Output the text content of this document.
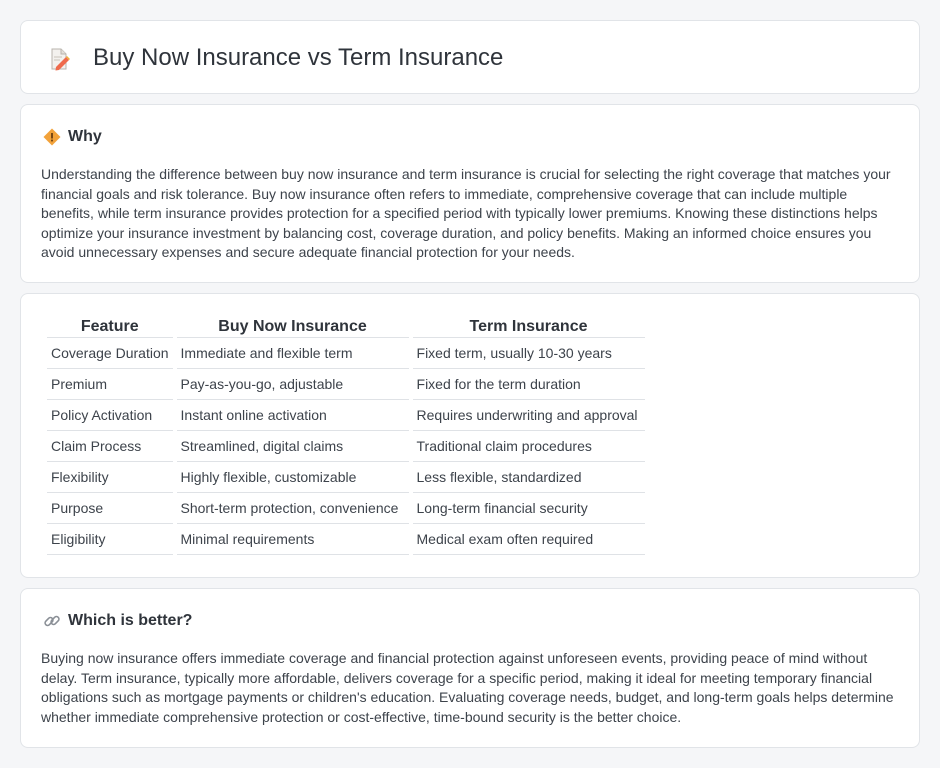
Buy Now Insurance vs Term Insurance
Why

Understanding the difference between buy now insurance and term insurance is crucial for selecting the right coverage that matches your financial goals and risk tolerance. Buy now insurance often refers to immediate, comprehensive coverage that can include multiple benefits, while term insurance provides protection for a specified period with typically lower premiums. Knowing these distinctions helps optimize your insurance investment by balancing cost, coverage duration, and policy benefits. Making an informed choice ensures you avoid unnecessary expenses and secure adequate financial protection for your needs.

Feature	Buy Now Insurance	Term Insurance
Coverage Duration	Immediate and flexible term	Fixed term, usually 10-30 years
Premium	Pay-as-you-go, adjustable	Fixed for the term duration
Policy Activation	Instant online activation	Requires underwriting and approval
Claim Process	Streamlined, digital claims	Traditional claim procedures
Flexibility	Highly flexible, customizable	Less flexible, standardized
Purpose	Short-term protection, convenience	Long-term financial security
Eligibility	Minimal requirements	Medical exam often required
Which is better?

Buying now insurance offers immediate coverage and financial protection against unforeseen events, providing peace of mind without delay. Term insurance, typically more affordable, delivers coverage for a specific period, making it ideal for meeting temporary financial obligations such as mortgage payments or children's education. Evaluating coverage needs, budget, and long-term goals helps determine whether immediate comprehensive protection or cost-effective, time-bound security is the better choice.
